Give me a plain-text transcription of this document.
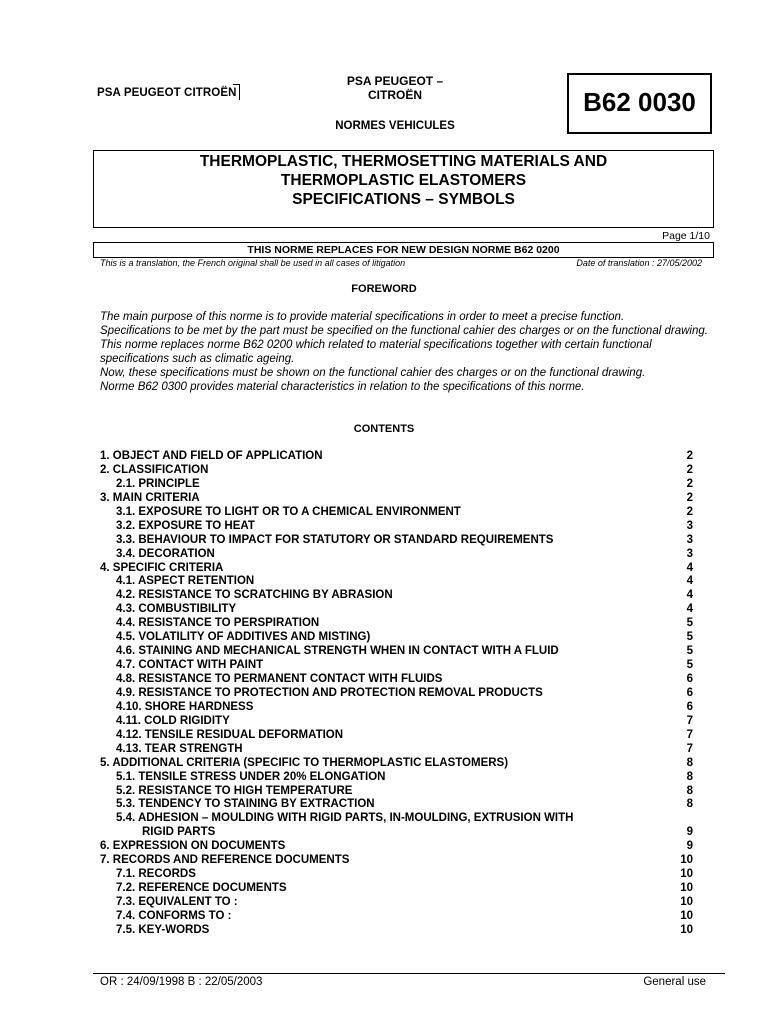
PSA PEUGEOT CITROËN
PSA PEUGEOT – CITROËN
NORMES VEHICULES
B62 0030
THERMOPLASTIC, THERMOSETTING MATERIALS AND
THERMOPLASTIC ELASTOMERS
SPECIFICATIONS – SYMBOLS
Page 1/10
THIS NORME REPLACES FOR NEW DESIGN NORME B62 0200
This is a translation, the French original shall be used in all cases of litigation	Date of translation : 27/05/2002
FOREWORD

The main purpose of this norme is to provide material specifications in order to meet a precise function.

Specifications to be met by the part must be specified on the functional cahier des charges or on the functional drawing.

This norme replaces norme B62 0200 which related to material specifications together with certain functional specifications such as climatic ageing.

Now, these specifications must be shown on the functional cahier des charges or on the functional drawing.

Norme B62 0300 provides material characteristics in relation to the specifications of this norme.

CONTENTS
1. OBJECT AND FIELD OF APPLICATION	2
2. CLASSIFICATION	2
2.1. PRINCIPLE	2
3. MAIN CRITERIA	2
3.1. EXPOSURE TO LIGHT OR TO A CHEMICAL ENVIRONMENT	2
3.2. EXPOSURE TO HEAT	3
3.3. BEHAVIOUR TO IMPACT FOR STATUTORY OR STANDARD REQUIREMENTS	3
3.4. DECORATION	3
4. SPECIFIC CRITERIA	4
4.1. ASPECT RETENTION	4
4.2. RESISTANCE TO SCRATCHING BY ABRASION	4
4.3. COMBUSTIBILITY	4
4.4. RESISTANCE TO PERSPIRATION	5
4.5. VOLATILITY OF ADDITIVES AND MISTING)	5
4.6. STAINING AND MECHANICAL STRENGTH WHEN IN CONTACT WITH A FLUID	5
4.7. CONTACT WITH PAINT	5
4.8. RESISTANCE TO PERMANENT CONTACT WITH FLUIDS	6
4.9. RESISTANCE TO PROTECTION AND PROTECTION REMOVAL PRODUCTS	6
4.10. SHORE HARDNESS	6
4.11. COLD RIGIDITY	7
4.12. TENSILE RESIDUAL DEFORMATION	7
4.13. TEAR STRENGTH	7
5. ADDITIONAL CRITERIA (SPECIFIC TO THERMOPLASTIC ELASTOMERS)	8
5.1. TENSILE STRESS UNDER 20% ELONGATION	8
5.2. RESISTANCE TO HIGH TEMPERATURE	8
5.3. TENDENCY TO STAINING BY EXTRACTION	8
5.4. ADHESION – MOULDING WITH RIGID PARTS, IN-MOULDING, EXTRUSION WITH
RIGID PARTS	9
6. EXPRESSION ON DOCUMENTS	9
7. RECORDS AND REFERENCE DOCUMENTS	10
7.1. RECORDS	10
7.2. REFERENCE DOCUMENTS	10
7.3. EQUIVALENT TO :	10
7.4. CONFORMS TO :	10
7.5. KEY-WORDS	10
OR : 24/09/1998 B : 22/05/2003	General use
